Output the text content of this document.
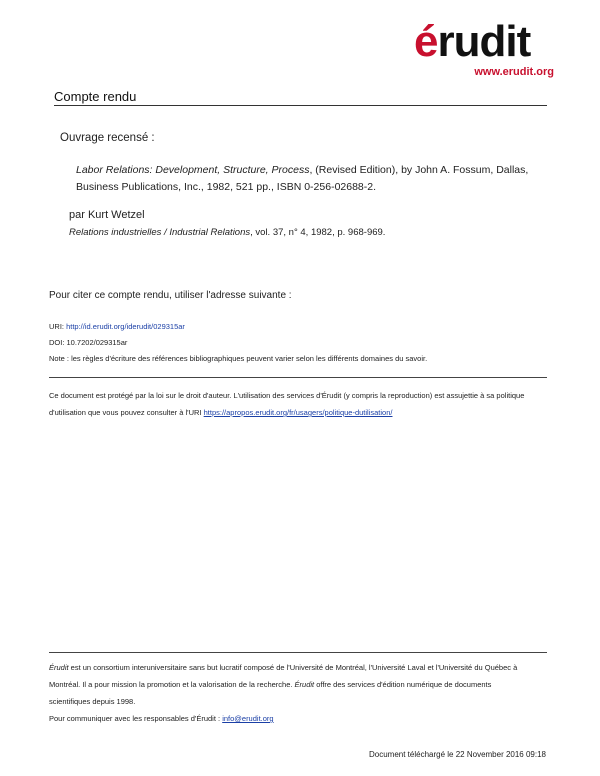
érudit
www.erudit.org
Compte rendu
Ouvrage recensé :
Labor Relations: Development, Structure, Process, (Revised Edition), by John A. Fossum, Dallas, Business Publications, Inc., 1982, 521 pp., ISBN 0-256-02688-2.
par Kurt Wetzel
Relations industrielles / Industrial Relations, vol. 37, n° 4, 1982, p. 968-969.
Pour citer ce compte rendu, utiliser l'adresse suivante :
URI: http://id.erudit.org/iderudit/029315ar
DOI: 10.7202/029315ar
Note : les règles d'écriture des références bibliographiques peuvent varier selon les différents domaines du savoir.
Ce document est protégé par la loi sur le droit d'auteur. L'utilisation des services d'Érudit (y compris la reproduction) est assujettie à sa politique d'utilisation que vous pouvez consulter à l'URI https://apropos.erudit.org/fr/usagers/politique-dutilisation/
Érudit est un consortium interuniversitaire sans but lucratif composé de l'Université de Montréal, l'Université Laval et l'Université du Québec à
Montréal. Il a pour mission la promotion et la valorisation de la recherche. Érudit offre des services d'édition numérique de documents
scientifiques depuis 1998.
Pour communiquer avec les responsables d'Érudit : info@erudit.org
Document téléchargé le 22 November 2016 09:18
